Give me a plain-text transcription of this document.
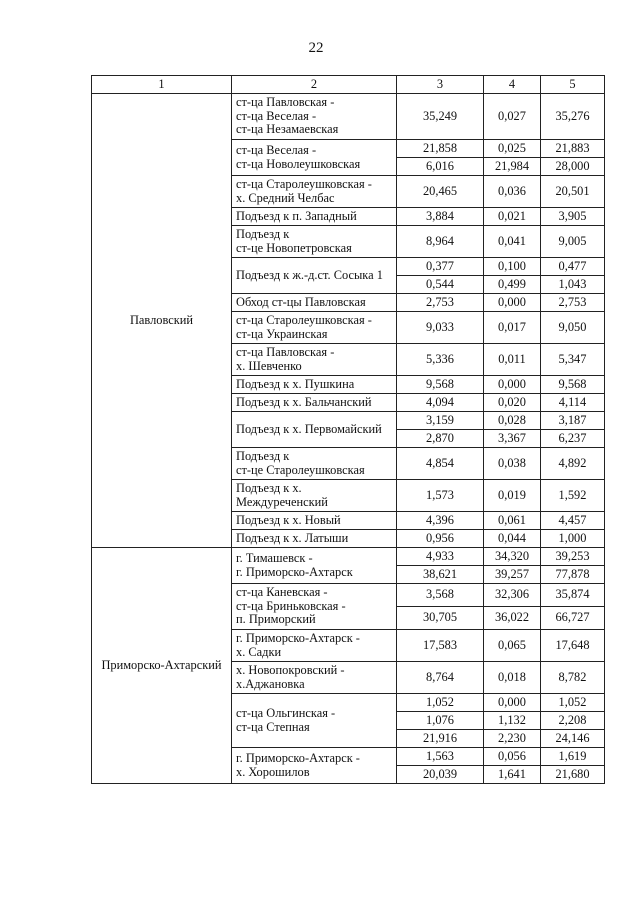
22
1	2	3	4	5
Павловский	ст-ца Павловская -
ст-ца Веселая -
ст-ца Незамаевская	35,249	0,027	35,276

	ст-ца Веселая -
ст-ца Новолеушковская	21,858	0,025	21,883
		6,016	21,984	28,000

	ст-ца Старолеушковская -
х. Средний Челбас	20,465	0,036	20,501

	Подъезд к п. Западный	3,884	0,021	3,905

	Подъезд к
ст-це Новопетровская	8,964	0,041	9,005

	Подъезд к ж.-д.ст. Сосыка 1	0,377	0,100	0,477
		0,544	0,499	1,043

	Обход ст-цы Павловская	2,753	0,000	2,753

	ст-ца Старолеушковская -
ст-ца Украинская	9,033	0,017	9,050

	ст-ца Павловская -
х. Шевченко	5,336	0,011	5,347

	Подъезд к х. Пушкина	9,568	0,000	9,568

	Подъезд к х. Бальчанский	4,094	0,020	4,114

	Подъезд к х. Первомайский	3,159	0,028	3,187
		2,870	3,367	6,237

	Подъезд к
ст-це Старолеушковская	4,854	0,038	4,892

	Подъезд к х.
Междуреченский	1,573	0,019	1,592

	Подъезд к х. Новый	4,396	0,061	4,457

	Подъезд к х. Латыши	0,956	0,044	1,000
Приморско-Ахтарский	г. Тимашевск -
г. Приморско-Ахтарск	4,933	34,320	39,253
		38,621	39,257	77,878

	ст-ца Каневская -
ст-ца Бриньковская -
п. Приморский	3,568	32,306	35,874
		30,705	36,022	66,727

	г. Приморско-Ахтарск -
х. Садки	17,583	0,065	17,648

	х. Новопокровский -
х.Аджановка	8,764	0,018	8,782

	ст-ца Ольгинская -
ст-ца Степная	1,052	0,000	1,052
		1,076	1,132	2,208
		21,916	2,230	24,146

	г. Приморско-Ахтарск -
х. Хорошилов	1,563	0,056	1,619
		20,039	1,641	21,680
